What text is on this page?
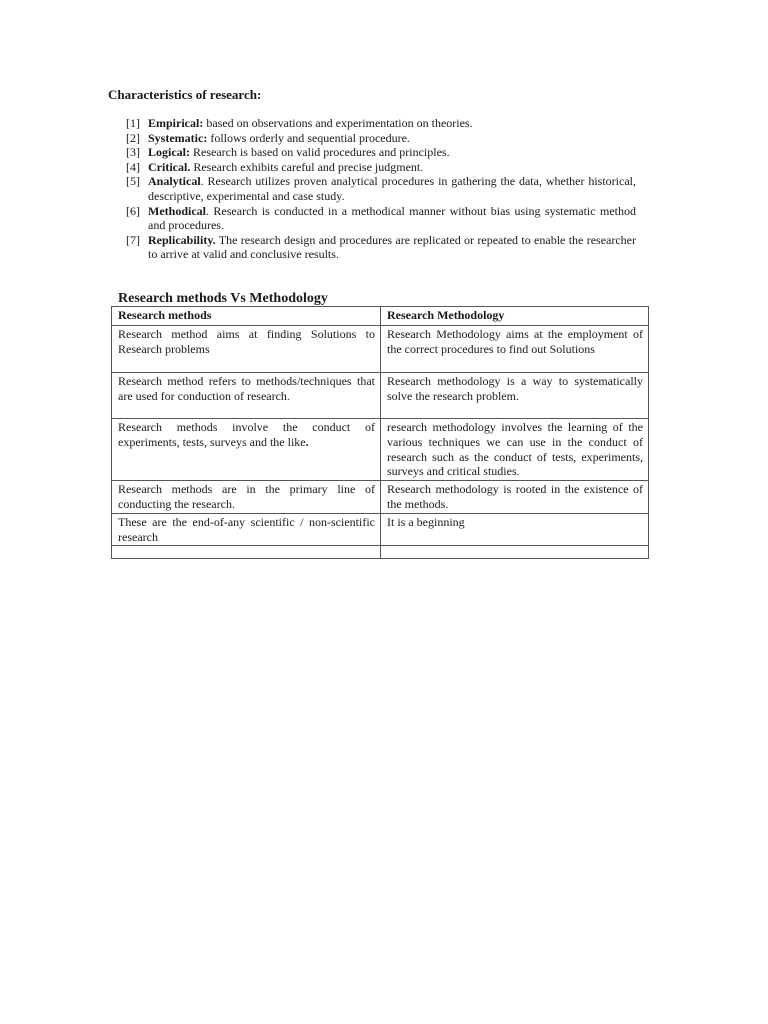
Characteristics of research:
[1] Empirical: based on observations and experimentation on theories.
[2] Systematic: follows orderly and sequential procedure.
[3] Logical: Research is based on valid procedures and principles.
[4] Critical. Research exhibits careful and precise judgment.
[5] Analytical. Research utilizes proven analytical procedures in gathering the data, whether historical, descriptive, experimental and case study.
[6] Methodical. Research is conducted in a methodical manner without bias using systematic method and procedures.
[7] Replicability. The research design and procedures are replicated or repeated to enable the researcher to arrive at valid and conclusive results.
Research methods Vs Methodology
Research methods	Research Methodology
Research method aims at finding Solutions to Research problems	Research Methodology aims at the employment of the correct procedures to find out Solutions
Research method refers to methods/techniques that are used for conduction of research.	Research methodology is a way to systematically solve the research problem.
Research methods involve the conduct of experiments, tests, surveys and the like.	research methodology involves the learning of the various techniques we can use in the conduct of research such as the conduct of tests, experiments, surveys and critical studies.
Research methods are in the primary line of conducting the research.	Research methodology is rooted in the existence of the methods.
These are the end-of-any scientific / non-scientific research	It is a beginning
